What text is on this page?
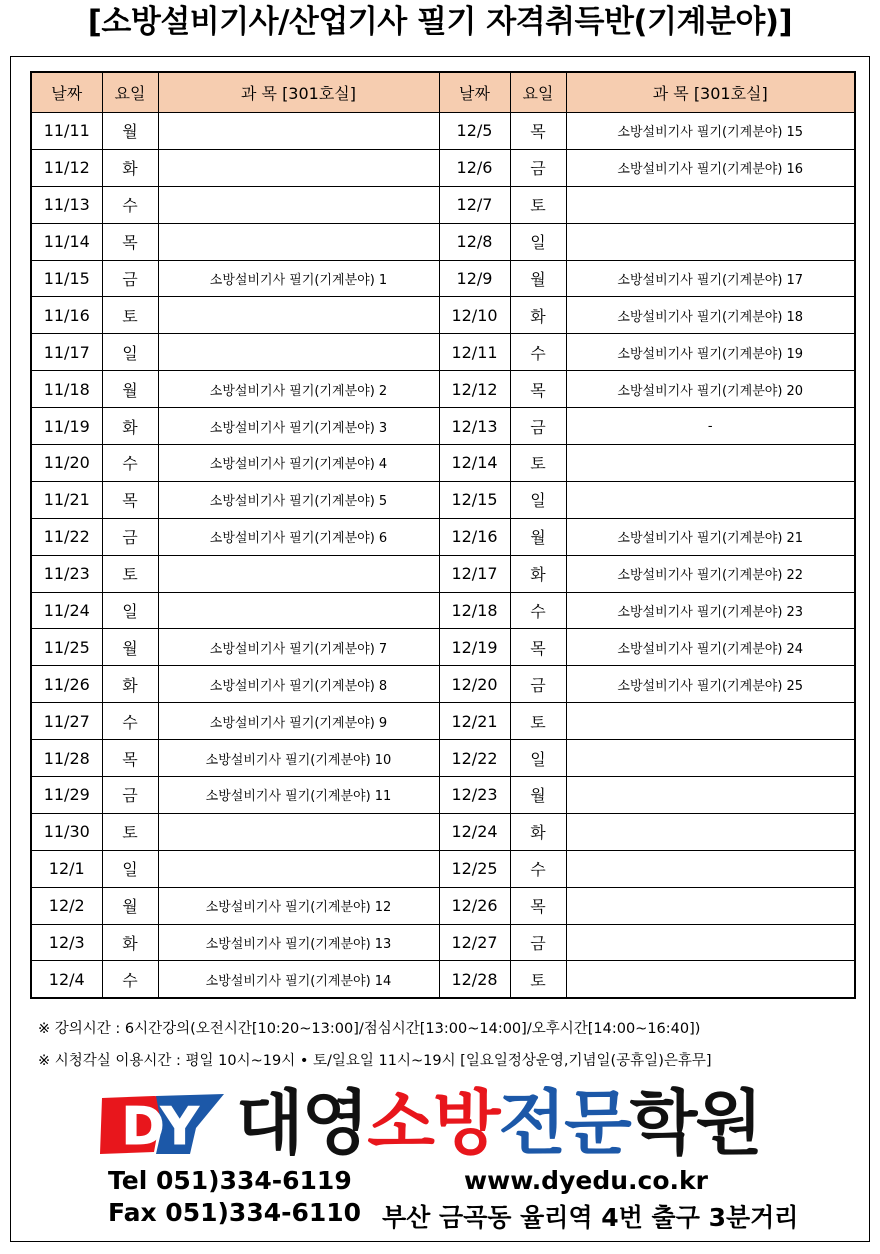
[소방설비기사/산업기사 필기 자격취득반(기계분야)]
날짜	요일	과 목 [301호실]	날짜	요일	과 목 [301호실]
11/11	월		12/5	목	소방설비기사 필기(기계분야) 15
11/12	화		12/6	금	소방설비기사 필기(기계분야) 16
11/13	수		12/7	토	
11/14	목		12/8	일	
11/15	금	소방설비기사 필기(기계분야) 1	12/9	월	소방설비기사 필기(기계분야) 17
11/16	토		12/10	화	소방설비기사 필기(기계분야) 18
11/17	일		12/11	수	소방설비기사 필기(기계분야) 19
11/18	월	소방설비기사 필기(기계분야) 2	12/12	목	소방설비기사 필기(기계분야) 20
11/19	화	소방설비기사 필기(기계분야) 3	12/13	금	-
11/20	수	소방설비기사 필기(기계분야) 4	12/14	토	
11/21	목	소방설비기사 필기(기계분야) 5	12/15	일	
11/22	금	소방설비기사 필기(기계분야) 6	12/16	월	소방설비기사 필기(기계분야) 21
11/23	토		12/17	화	소방설비기사 필기(기계분야) 22
11/24	일		12/18	수	소방설비기사 필기(기계분야) 23
11/25	월	소방설비기사 필기(기계분야) 7	12/19	목	소방설비기사 필기(기계분야) 24
11/26	화	소방설비기사 필기(기계분야) 8	12/20	금	소방설비기사 필기(기계분야) 25
11/27	수	소방설비기사 필기(기계분야) 9	12/21	토	
11/28	목	소방설비기사 필기(기계분야) 10	12/22	일	
11/29	금	소방설비기사 필기(기계분야) 11	12/23	월	
11/30	토		12/24	화	
12/1	일		12/25	수	
12/2	월	소방설비기사 필기(기계분야) 12	12/26	목	
12/3	화	소방설비기사 필기(기계분야) 13	12/27	금	
12/4	수	소방설비기사 필기(기계분야) 14	12/28	토	
※ 강의시간 : 6시간강의(오전시간[10:20~13:00]/점심시간[13:00~14:00]/오후시간[14:00~16:40])
※ 시청각실 이용시간 : 평일 10시~19시 • 토/일요일 11시~19시 [일요일정상운영,기념일(공휴일)은휴무]
DY 대영소방전문학원
Tel 051)334-6119	www.dyedu.co.kr
Fax 051)334-6110 부산 금곡동 율리역 4번 출구 3분거리
